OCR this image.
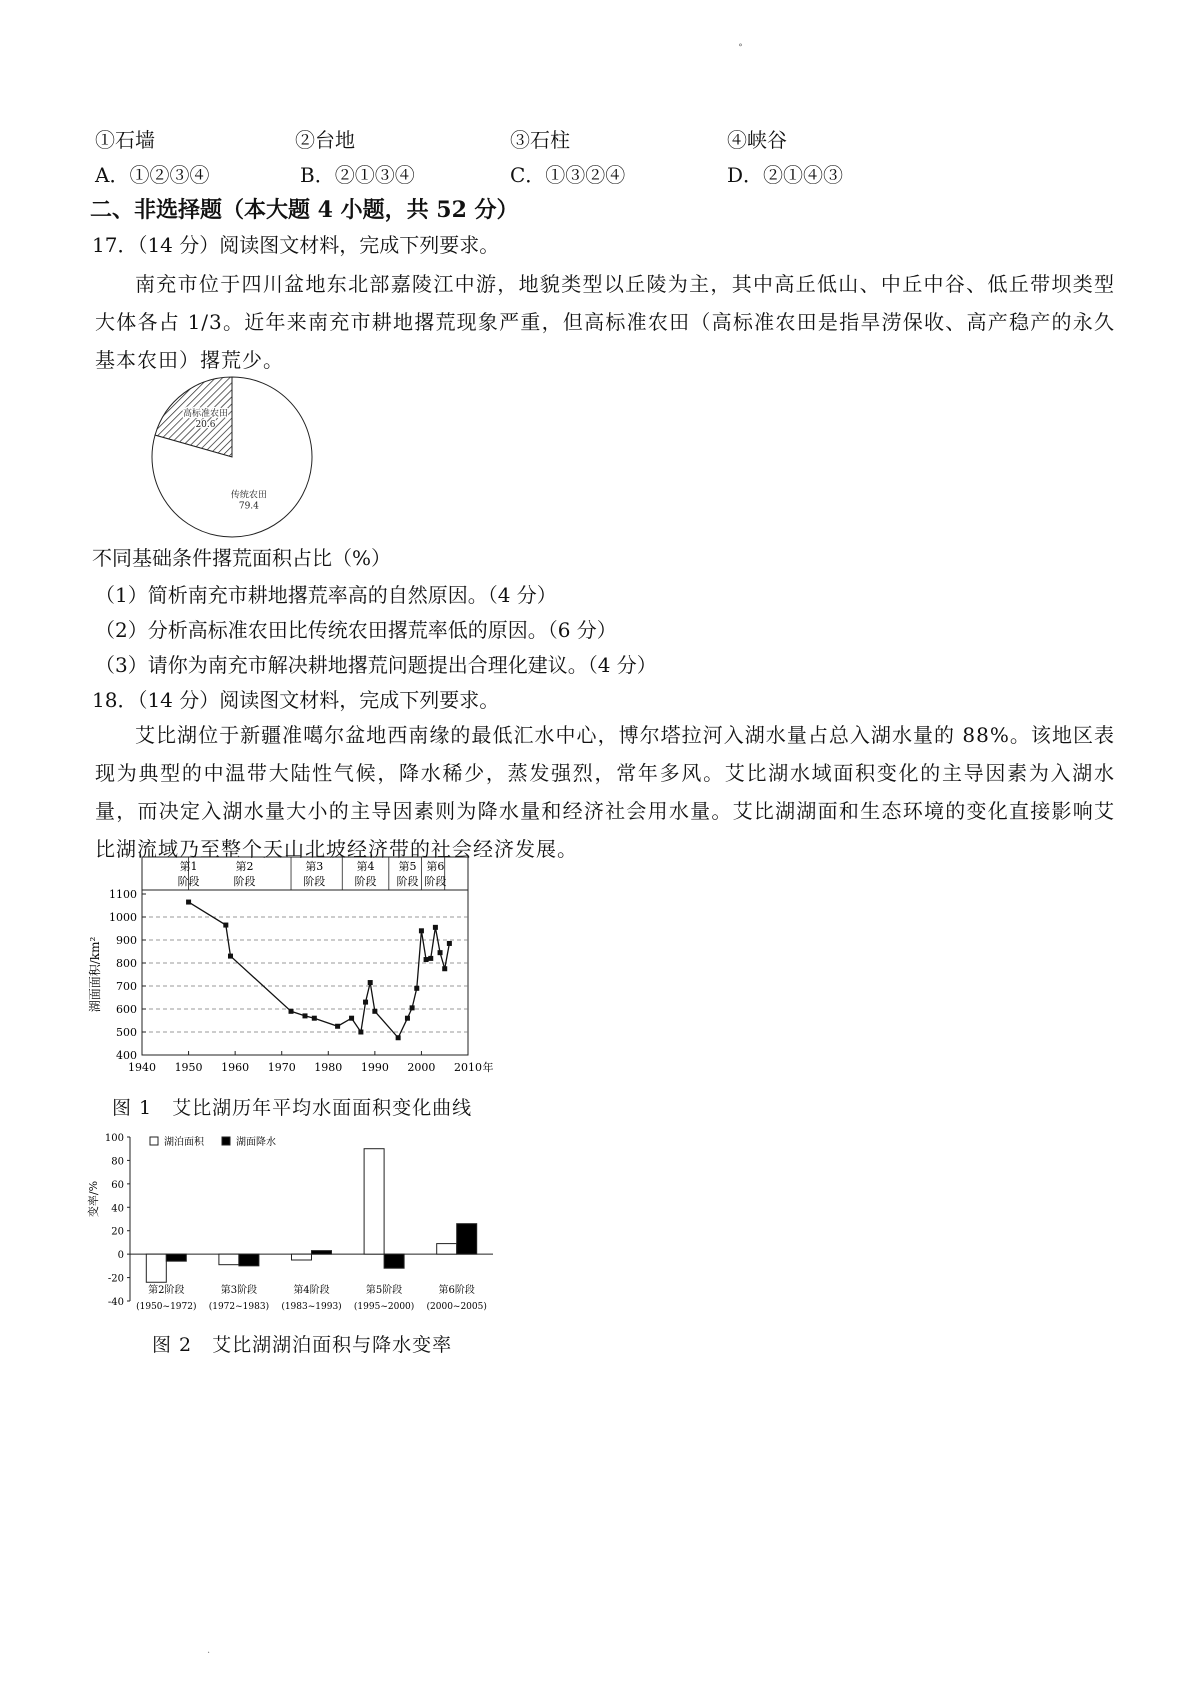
∘
①石墙	②台地	③石柱	④峡谷
A．①②③④	B．②①③④	C．①③②④	D．②①④③
二、非选择题（本大题 4 小题，共 52 分）
17．（14 分）阅读图文材料，完成下列要求。
南充市位于四川盆地东北部嘉陵江中游，地貌类型以丘陵为主，其中高丘低山、中丘中谷、低丘带坝类型大体各占 1/3。近年来南充市耕地撂荒现象严重，但高标准农田（高标准农田是指旱涝保收、高产稳产的永久基本农田）撂荒少。
高标准农田
20.6
传统农田
79.4
不同基础条件撂荒面积占比（%）
（1）简析南充市耕地撂荒率高的自然原因。（4 分）
（2）分析高标准农田比传统农田撂荒率低的原因。（6 分）
（3）请你为南充市解决耕地撂荒问题提出合理化建议。（4 分）
18．（14 分）阅读图文材料，完成下列要求。
艾比湖位于新疆准噶尔盆地西南缘的最低汇水中心，博尔塔拉河入湖水量占总入湖水量的 88%。该地区表现为典型的中温带大陆性气候，降水稀少，蒸发强烈，常年多风。艾比湖水域面积变化的主导因素为入湖水量，而决定入湖水量大小的主导因素则为降水量和经济社会用水量。艾比湖湖面和生态环境的变化直接影响艾比湖流域乃至整个天山北坡经济带的社会经济发展。
400
500
600
700
800
900
1000
1100
1940 1950 1960 1970 1980 1990 2000 2010 年
湖面面积/km²
第1
阶段
第2
阶段
第3
阶段
第4
阶段
第5
阶段
第6
阶段
图 1　艾比湖历年平均水面面积变化曲线
-40
-20
0
20
40
60
80
100
变率/%
湖泊面积	湖面降水
第2阶段
(1950~1972)
第3阶段
(1972~1983)
第4阶段
(1983~1993)
第5阶段
(1995~2000)
第6阶段
(2000~2005)
图 2　艾比湖湖泊面积与降水变率
·
